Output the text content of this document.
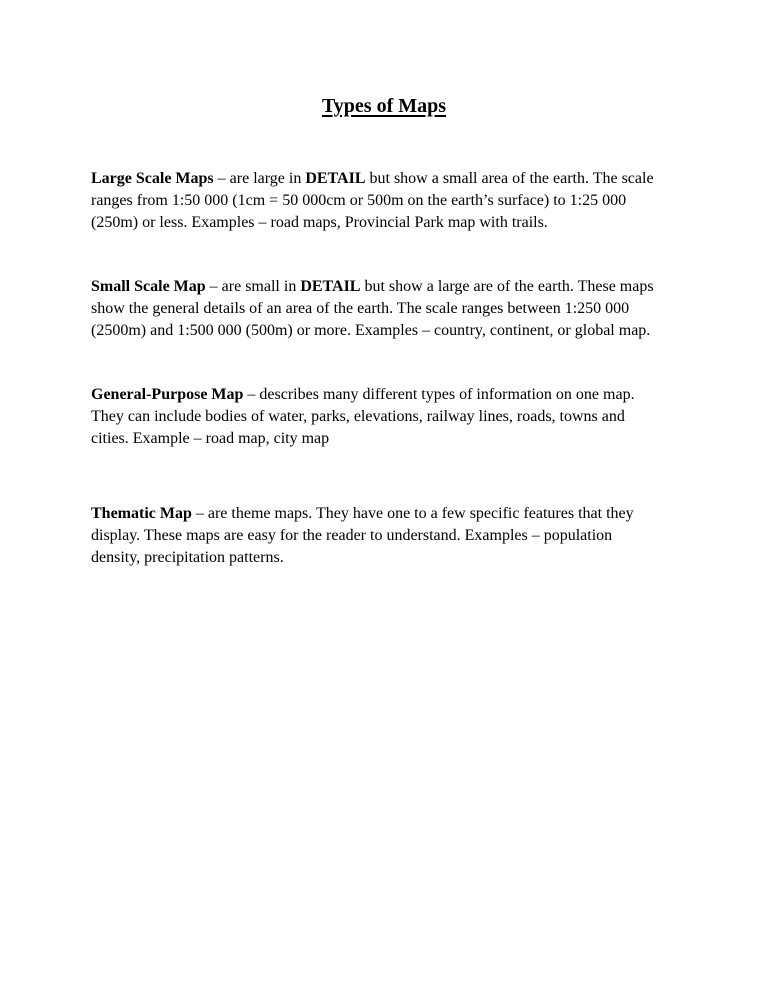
Types of Maps

Large Scale Maps – are large in DETAIL but show a small area of the earth. The scale
ranges from 1:50 000 (1cm = 50 000cm or 500m on the earth’s surface) to 1:25 000
(250m) or less. Examples – road maps, Provincial Park map with trails.

Small Scale Map – are small in DETAIL but show a large are of the earth. These maps
show the general details of an area of the earth. The scale ranges between 1:250 000
(2500m) and 1:500 000 (500m) or more. Examples – country, continent, or global map.

General-Purpose Map – describes many different types of information on one map.
They can include bodies of water, parks, elevations, railway lines, roads, towns and
cities. Example – road map, city map

Thematic Map – are theme maps. They have one to a few specific features that they
display. These maps are easy for the reader to understand. Examples – population
density, precipitation patterns.
